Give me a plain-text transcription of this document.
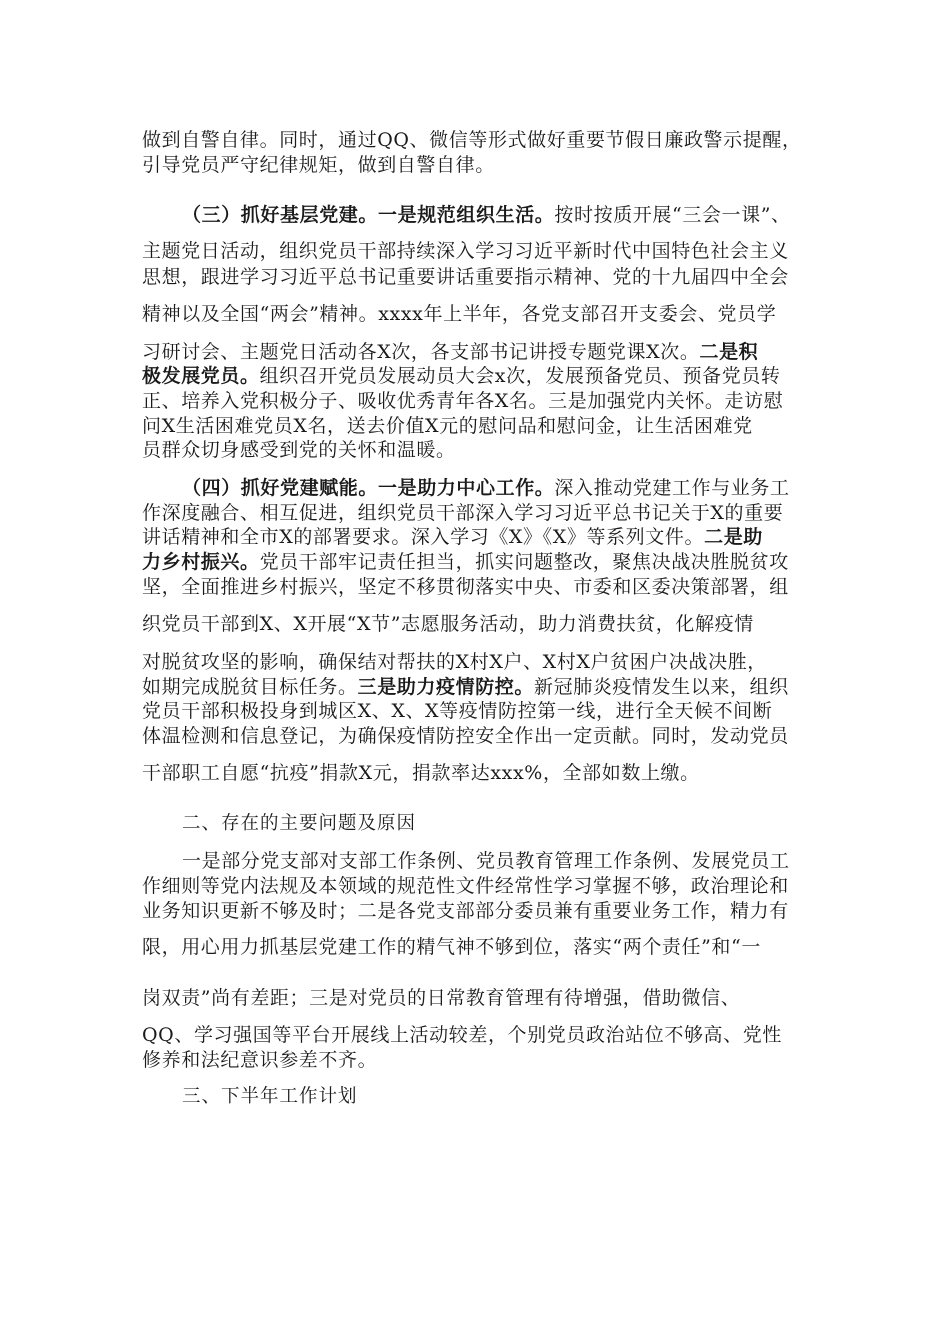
做到自警自律。同时，通过QQ、微信等形式做好重要节假日廉政警示提醒，
引导党员严守纪律规矩，做到自警自律。
（三）抓好基层党建。一是规范组织生活。按时按质开展“三会一课”、
主题党日活动，组织党员干部持续深入学习习近平新时代中国特色社会主义
思想，跟进学习习近平总书记重要讲话重要指示精神、党的十九届四中全会
精神以及全国“两会”精神。xxxx年上半年，各党支部召开支委会、党员学
习研讨会、主题党日活动各X次，各支部书记讲授专题党课X次。二是积
极发展党员。组织召开党员发展动员大会x次，发展预备党员、预备党员转
正、培养入党积极分子、吸收优秀青年各X名。三是加强党内关怀。走访慰
问X生活困难党员X名，送去价值X元的慰问品和慰问金，让生活困难党
员群众切身感受到党的关怀和温暖。
（四）抓好党建赋能。一是助力中心工作。深入推动党建工作与业务工
作深度融合、相互促进，组织党员干部深入学习习近平总书记关于X的重要
讲话精神和全市X的部署要求。深入学习《X》《X》等系列文件。二是助
力乡村振兴。党员干部牢记责任担当，抓实问题整改，聚焦决战决胜脱贫攻
坚，全面推进乡村振兴，坚定不移贯彻落实中央、市委和区委决策部署，组
织党员干部到X、X开展“X节”志愿服务活动，助力消费扶贫，化解疫情
对脱贫攻坚的影响，确保结对帮扶的X村X户、X村X户贫困户决战决胜，
如期完成脱贫目标任务。三是助力疫情防控。新冠肺炎疫情发生以来，组织
党员干部积极投身到城区X、X、X等疫情防控第一线，进行全天候不间断
体温检测和信息登记，为确保疫情防控安全作出一定贡献。同时，发动党员
干部职工自愿“抗疫”捐款X元，捐款率达xxx%，全部如数上缴。
二、存在的主要问题及原因
一是部分党支部对支部工作条例、党员教育管理工作条例、发展党员工
作细则等党内法规及本领域的规范性文件经常性学习掌握不够，政治理论和
业务知识更新不够及时；二是各党支部部分委员兼有重要业务工作，精力有
限，用心用力抓基层党建工作的精气神不够到位，落实“两个责任”和“一
岗双责”尚有差距；三是对党员的日常教育管理有待增强，借助微信、
QQ、学习强国等平台开展线上活动较差，个别党员政治站位不够高、党性
修养和法纪意识参差不齐。
三、下半年工作计划
